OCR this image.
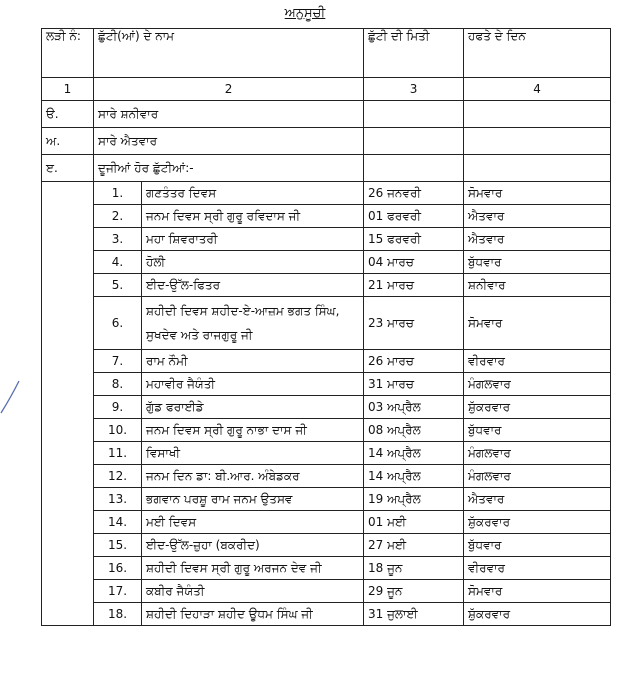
ਅਨੁਸੂਚੀ
ਲੜੀ ਨੰ:	ਛੁੱਟੀ(ਆਂ) ਦੇ ਨਾਮ		ਛੁੱਟੀ ਦੀ ਮਿਤੀ	ਹਫਤੇ ਦੇ ਦਿਨ
1	2		3	4
ੳ.	ਸਾਰੇ ਸ਼ਨੀਵਾਰ			
ਅ.	ਸਾਰੇ ਐਤਵਾਰ			
ੲ.	ਦੂਜੀਆਂ ਹੋਰ ਛੁੱਟੀਆਂ:-			
	1.	ਗਣਤੰਤਰ ਦਿਵਸ	26 ਜਨਵਰੀ	ਸੋਮਵਾਰ
	2.	ਜਨਮ ਦਿਵਸ ਸ੍ਰੀ ਗੁਰੂ ਰਵਿਦਾਸ ਜੀ	01 ਫਰਵਰੀ	ਐਤਵਾਰ
	3.	ਮਹਾ ਸ਼ਿਵਰਾਤਰੀ	15 ਫਰਵਰੀ	ਐਤਵਾਰ
	4.	ਹੋਲੀ	04 ਮਾਰਚ	ਬੁੱਧਵਾਰ
	5.	ਈਦ-ਉੱਲ-ਫਿਤਰ	21 ਮਾਰਚ	ਸ਼ਨੀਵਾਰ
	6.	ਸ਼ਹੀਦੀ ਦਿਵਸ ਸ਼ਹੀਦ-ਏ-ਆਜ਼ਮ ਭਗਤ ਸਿੰਘ, ਸੁਖਦੇਵ ਅਤੇ ਰਾਜਗੁਰੂ ਜੀ	23 ਮਾਰਚ	ਸੋਮਵਾਰ
	7.	ਰਾਮ ਨੌਮੀ	26 ਮਾਰਚ	ਵੀਰਵਾਰ
	8.	ਮਹਾਵੀਰ ਜੈਯੰਤੀ	31 ਮਾਰਚ	ਮੰਗਲਵਾਰ
	9.	ਗੁੱਡ ਫਰਾਈਡੇ	03 ਅਪ੍ਰੈਲ	ਸ਼ੁੱਕਰਵਾਰ
	10.	ਜਨਮ ਦਿਵਸ ਸ੍ਰੀ ਗੁਰੂ ਨਾਭਾ ਦਾਸ ਜੀ	08 ਅਪ੍ਰੈਲ	ਬੁੱਧਵਾਰ
	11.	ਵਿਸਾਖੀ	14 ਅਪ੍ਰੈਲ	ਮੰਗਲਵਾਰ
	12.	ਜਨਮ ਦਿਨ ਡਾ: ਬੀ.ਆਰ. ਅੰਬੇਡਕਰ	14 ਅਪ੍ਰੈਲ	ਮੰਗਲਵਾਰ
	13.	ਭਗਵਾਨ ਪਰਸ਼ੂ ਰਾਮ ਜਨਮ ਉਤਸਵ	19 ਅਪ੍ਰੈਲ	ਐਤਵਾਰ
	14.	ਮਈ ਦਿਵਸ	01 ਮਈ	ਸ਼ੁੱਕਰਵਾਰ
	15.	ਈਦ-ਉੱਲ-ਜ਼ੁਹਾ (ਬਕਰੀਦ)	27 ਮਈ	ਬੁੱਧਵਾਰ
	16.	ਸ਼ਹੀਦੀ ਦਿਵਸ ਸ੍ਰੀ ਗੁਰੂ ਅਰਜਨ ਦੇਵ ਜੀ	18 ਜੂਨ	ਵੀਰਵਾਰ
	17.	ਕਬੀਰ ਜੈਯੰਤੀ	29 ਜੂਨ	ਸੋਮਵਾਰ
	18.	ਸ਼ਹੀਦੀ ਦਿਹਾੜਾ ਸ਼ਹੀਦ ਊਧਮ ਸਿੰਘ ਜੀ	31 ਜੁਲਾਈ	ਸ਼ੁੱਕਰਵਾਰ
